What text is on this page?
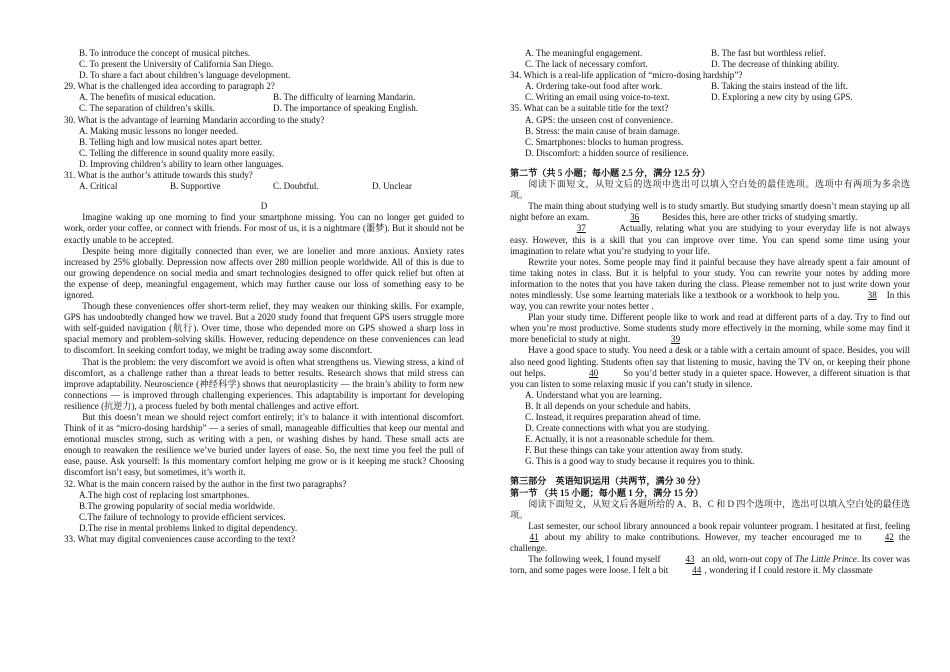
B. To introduce the concept of musical pitches.
C. To present the University of California San Diego.
D. To share a fact about children’s language development.
29. What is the challenged idea according to paragraph 2?
A. The benefits of musical education.	B. The difficulty of learning Mandarin.
C. The separation of children’s skills.	D. The importance of speaking English.
30. What is the advantage of learning Mandarin according to the study?
A. Making music lessons no longer needed.
B. Telling high and low musical notes apart better.
C. Telling the difference in sound quality more easily.
D. Improving children’s ability to learn other languages.
31. What is the author’s attitude towards this study?
A. Critical	B. Supportive	C. Doubtful.	D. Unclear
D
Imagine waking up one morning to find your smartphone missing. You can no longer get guided to work, order your coffee, or connect with friends. For most of us, it is a nightmare (噩梦). But it should not be exactly unable to be accepted.
Despite being more digitally connected than ever, we are lonelier and more anxious. Anxiety rates increased by 25% globally. Depression now affects over 280 million people worldwide. All of this is due to our growing dependence on social media and smart technologies designed to offer quick relief but often at the expense of deep, meaningful engagement, which may further cause our loss of something easy to be ignored.
Though these conveniences offer short-term relief, they may weaken our thinking skills. For example, GPS has undoubtedly changed how we travel. But a 2020 study found that frequent GPS users struggle more with self-guided navigation (航行). Over time, those who depended more on GPS showed a sharp loss in spacial memory and problem-solving skills. However, reducing dependence on these conveniences can lead to discomfort. In seeking comfort today, we might be trading away some discomfort.
That is the problem: the very discomfort we avoid is often what strengthens us. Viewing stress, a kind of discomfort, as a challenge rather than a threat leads to better results. Research shows that mild stress can improve adaptability. Neuroscience (神经科学) shows that neuroplasticity — the brain’s ability to form new connections — is improved through challenging experiences. This adaptability is important for developing resilience (抗逆力), a process fueled by both mental challenges and active effort.
But this doesn’t mean we should reject comfort entirely; it’s to balance it with intentional discomfort. Think of it as “micro-dosing hardship” — a series of small, manageable difficulties that keep our mental and emotional muscles strong, such as writing with a pen, or washing dishes by hand. These small acts are enough to reawaken the resilience we’ve buried under layers of ease. So, the next time you feel the pull of ease, pause. Ask yourself: Is this momentary comfort helping me grow or is it keeping me stuck? Choosing discomfort isn’t easy, but sometimes, it’s worth it.
32. What is the main concern raised by the author in the first two paragraphs?
A.The high cost of replacing lost smartphones.
B.The growing popularity of social media worldwide.
C.The failure of technology to provide efficient services.
D.The rise in mental problems linked to digital dependency.
33. What may digital conveniences cause according to the text?
A. The meaningful engagement.	B. The fast but worthless relief.
C. The lack of necessary comfort.	D. The decrease of thinking ability.
34. Which is a real-life application of “micro-dosing hardship”?
A. Ordering take-out food after work.	B. Taking the stairs instead of the lift.
C. Writing an email using voice-to-text.	D. Exploring a new city by using GPS.
35. What can be a suitable title for the text?
A. GPS: the unseen cost of convenience.
B. Stress: the main cause of brain damage.
C. Smartphones: blocks to human progress.
D. Discomfort: a hidden source of resilience.
第二节（共 5 小题；每小题 2.5 分，满分 12.5 分）
阅读下面短文，从短文后的选项中选出可以填入空白处的最佳选项。选项中有两项为多余选项。
The main thing about studying well is to study smartly. But studying smartly doesn’t mean staying up all night before an exam.	36 Besides this, here are other tricks of studying smartly.
37	Actually, relating what you are studying to your everyday life is not always easy. However, this is a skill that you can improve over time. You can spend some time using your imagination to relate what you’re studying to your life.
Rewrite your notes. Some people may find it painful because they have already spent a fair amount of time taking notes in class. But it is helpful to your study. You can rewrite your notes by adding more information to the notes that you have taken during the class. Please remember not to just write down your notes mindlessly. Use some learning materials like a textbook or a workbook to help you.	38 In this way, you can rewrite your notes better .
Plan your study time. Different people like to work and read at different parts of a day. Try to find out when you’re most productive. Some students study more effectively in the morning, while some may find it more beneficial to study at night.	39
Have a good space to study. You need a desk or a table with a certain amount of space. Besides, you will also need good lighting. Students often say that listening to music, having the TV on, or keeping their phone out helps.	40	So you’d better study in a quieter space. However, a different situation is that you can listen to some relaxing music if you can’t study in silence.
A. Understand what you are learning.
B. It all depends on your schedule and habits.
C. Instead, it requires preparation ahead of time.
D. Create connections with what you are studying.
E. Actually, it is not a reasonable schedule for them.
F. But these things can take your attention away from study.
G. This is a good way to study because it requires you to think.
第三部分　英语知识运用（共两节，满分 30 分）
第一节 （共 15 小题；每小题 1 分，满分 15 分）
阅读下面短文，从短文后各题所给的 A、B、C 和 D 四个选项中，选出可以填入空白处的最佳选项。
Last semester, our school library announced a book repair volunteer program. I hesitated at first, feeling 41 about my ability to make contributions. However, my teacher encouraged me to	42 the challenge.
The following week, I found myself	43 an old, worn-out copy of The Little Prince. Its cover was torn, and some pages were loose. I felt a bit	44 , wondering if I could restore it. My classmate
